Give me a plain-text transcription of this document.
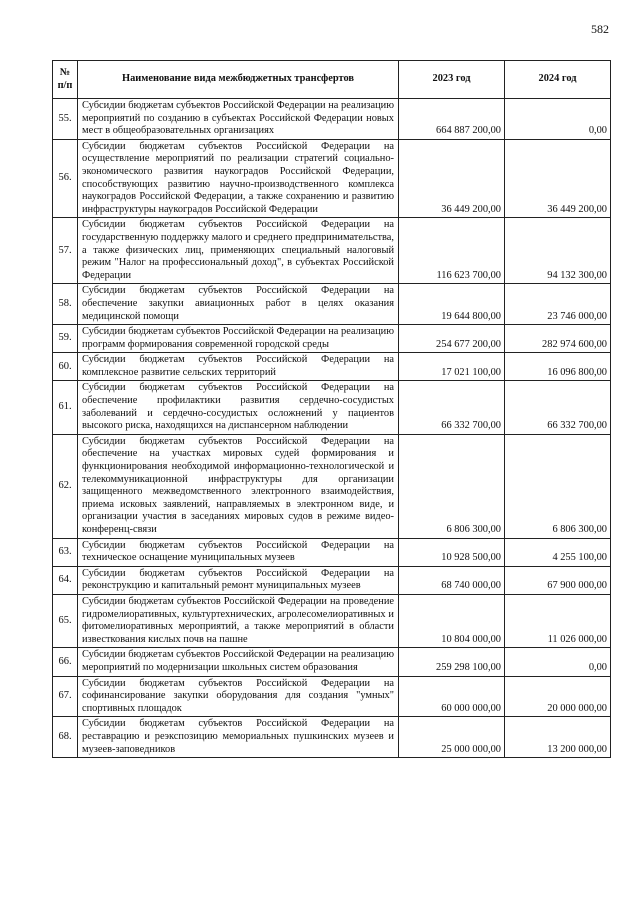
582
№ п/п	Наименование вида межбюджетных трансфертов	2023 год	2024 год
55.	Субсидии бюджетам субъектов Российской Федерации на реализацию мероприятий по созданию в субъектах Российской Федерации новых мест в общеобразовательных организациях	664 887 200,00	0,00
56.	Субсидии бюджетам субъектов Российской Федерации на осуществление мероприятий по реализации стратегий социально-экономического развития наукоградов Российской Федерации, способствующих развитию научно-производственного комплекса наукоградов Российской Федерации, а также сохранению и развитию инфраструктуры наукоградов Российской Федерации	36 449 200,00	36 449 200,00
57.	Субсидии бюджетам субъектов Российской Федерации на государственную поддержку малого и среднего предпринимательства, а также физических лиц, применяющих специальный налоговый режим "Налог на профессиональный доход", в субъектах Российской Федерации	116 623 700,00	94 132 300,00
58.	Субсидии бюджетам субъектов Российской Федерации на обеспечение закупки авиационных работ в целях оказания медицинской помощи	19 644 800,00	23 746 000,00
59.	Субсидии бюджетам субъектов Российской Федерации на реализацию программ формирования современной городской среды	254 677 200,00	282 974 600,00
60.	Субсидии бюджетам субъектов Российской Федерации на комплексное развитие сельских территорий	17 021 100,00	16 096 800,00
61.	Субсидии бюджетам субъектов Российской Федерации на обеспечение профилактики развития сердечно-сосудистых заболеваний и сердечно-сосудистых осложнений у пациентов высокого риска, находящихся на диспансерном наблюдении	66 332 700,00	66 332 700,00
62.	Субсидии бюджетам субъектов Российской Федерации на обеспечение на участках мировых судей формирования и функционирования необходимой информационно-технологической и телекоммуникационной инфраструктуры для организации защищенного межведомственного электронного взаимодействия, приема исковых заявлений, направляемых в электронном виде, и организации участия в заседаниях мировых судов в режиме видео-конференц-связи	6 806 300,00	6 806 300,00
63.	Субсидии бюджетам субъектов Российской Федерации на техническое оснащение муниципальных музеев	10 928 500,00	4 255 100,00
64.	Субсидии бюджетам субъектов Российской Федерации на реконструкцию и капитальный ремонт муниципальных музеев	68 740 000,00	67 900 000,00
65.	Субсидии бюджетам субъектов Российской Федерации на проведение гидромелиоративных, культуртехнических, агролесомелиоративных и фитомелиоративных мероприятий, а также мероприятий в области известкования кислых почв на пашне	10 804 000,00	11 026 000,00
66.	Субсидии бюджетам субъектов Российской Федерации на реализацию мероприятий по модернизации школьных систем образования	259 298 100,00	0,00
67.	Субсидии бюджетам субъектов Российской Федерации на софинансирование закупки оборудования для создания "умных" спортивных площадок	60 000 000,00	20 000 000,00
68.	Субсидии бюджетам субъектов Российской Федерации на реставрацию и реэкспозицию мемориальных пушкинских музеев и музеев-заповедников	25 000 000,00	13 200 000,00
